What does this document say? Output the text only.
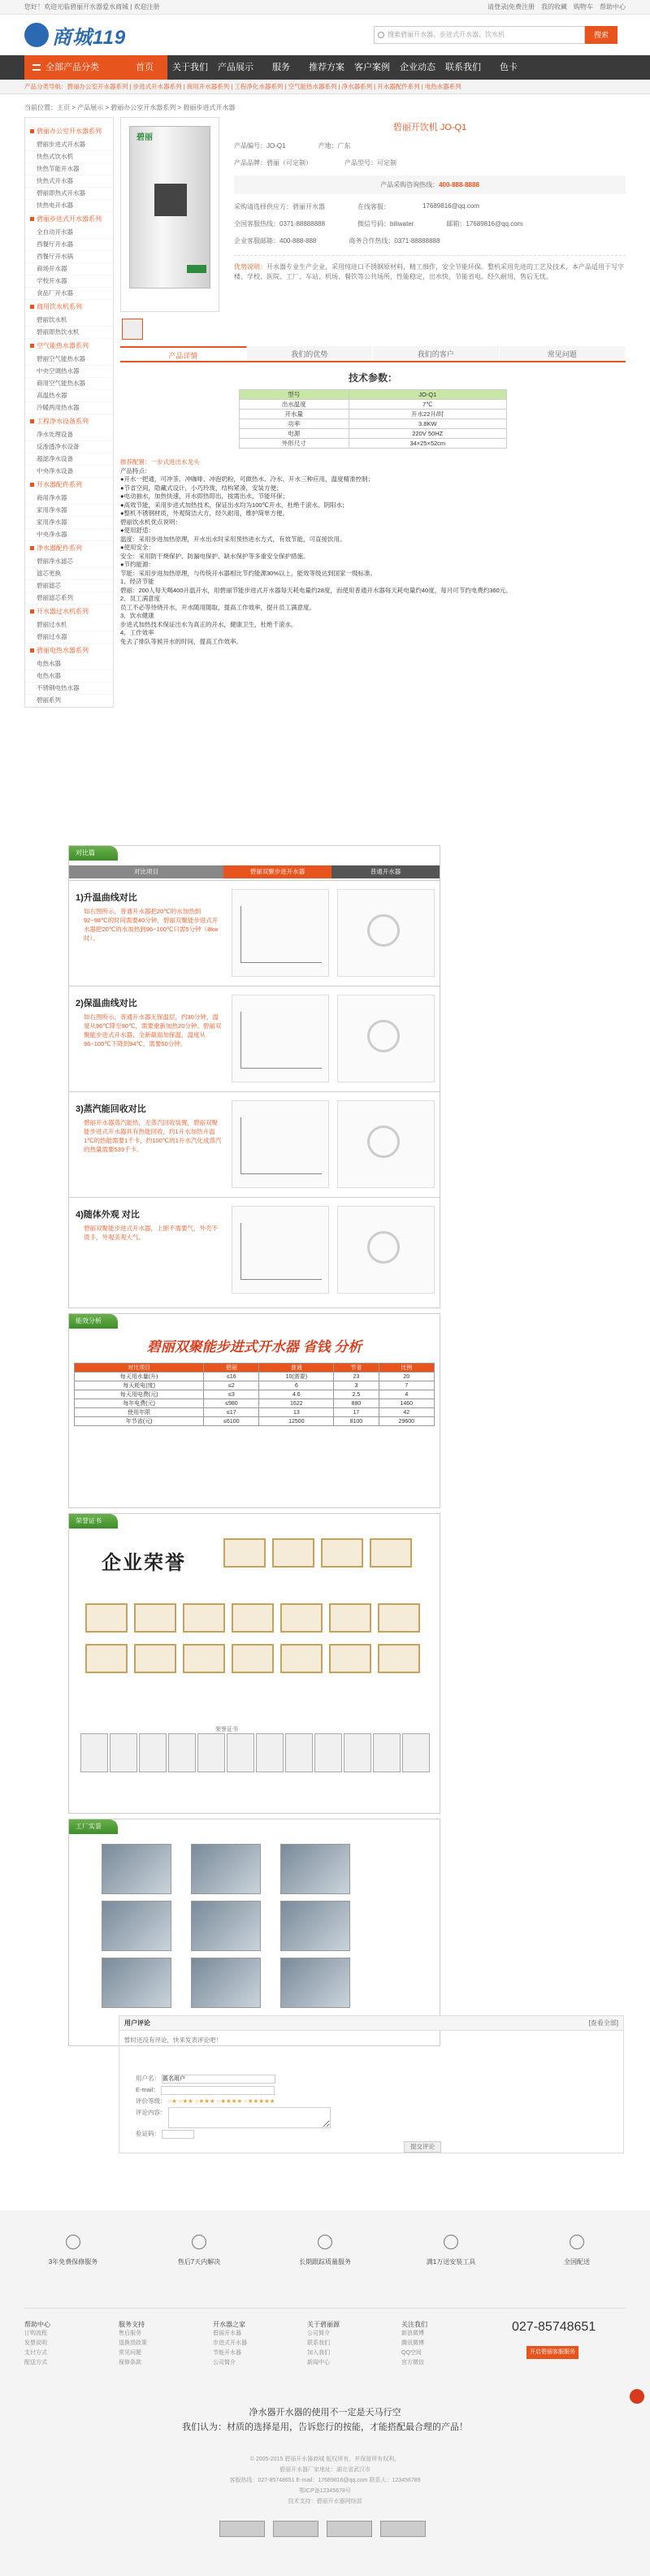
您好！欢迎光临碧丽开水器爱水商城 | 欢迎注册	请登录|免费注册 我的收藏 购物车 帮助中心
商城119	搜索碧丽开水器、步进式开水器、饮水机	搜索
全部产品分类	首页	关于我们	产品展示	服务	推荐方案	客户案例	企业动态	联系我们	色卡
产品分类导航：碧丽办公室开水器系列 | 步进式开水器系列 | 商用开水器系列 | 工程净化水器系列 | 空气能热水器系列 | 净水器系列 | 开水器配件系列 | 电热水器系列
当前位置：主页 > 产品展示 > 碧丽办公室开水器系列 > 碧丽步进式开水器
碧丽办公室开水器系列
碧丽步进式开水器
快热式饮水机
快热节能开水器
快热式开水器
碧丽即热式开水器
快热电开水器
碧丽步进式开水器系列
全自动开水器
西餐厅开水器
西餐厅开水锅
商场开水器
学校开水器
食品厂开水器
商用饮水机系列
碧丽饮水机
碧丽即热饮水机
空气能热水器系列
碧丽空气能热水器
中央空调热水器
商用空气能热水器
高温热水器
冷暖两用热水器
工程净水设备系列
净水处理设备
反渗透净水设备
超滤净水设备
中央净水设备
开水器配件系列
商用净水器
家用净水器
家用净水器
中央净水器
净水器配件系列
碧丽净水滤芯
滤芯更换
碧丽滤芯
碧丽滤芯系列
开水器过水机系列
碧丽过水机
碧丽过水器
碧丽电热水器系列
电热水器
电热水器
不锈钢电热水器
碧丽系列
碧丽
碧丽开饮机 JO-Q1
产品编号：JO-Q1	产地：广东
产品品牌：碧丽（可定制）	产品型号：可定制
产品采购咨询热线：400-888-8888
采购请选择供应方：碧丽开水器	在线客服：	17689816@qq.com
全国客服热线：0371-88888888	微信号码：biliwater	邮箱：17689816@qq.com
企业客服邮箱：400-888-888	商务合作热线：0371-88888888
优势说明：开水器专业生产企业，采用纯进口不锈钢原材料，精工细作，安全节能环保。整机采用先进的工艺及技术，本产品适用于写字楼、学校、医院、工厂、车站、机场、餐饮等公共场所，性能稳定，出水快，节能省电。经久耐用，售后无忧。
产品详情	我们的优势	我们的客户	常见问题
技术参数：
型号	JO-Q1
出水温度	7℃
开水量	开水22升/时
功率	3.8KW
电源	220V 50HZ
外形尺寸	34×25×52cm
推荐配置：一步式进出水龙头
产品特点：
●开水一把通，可冲茶、冲咖啡、冲泡奶粉，可做热水、冷水、开水三种应用，温度精准控制；
●节省空间，隐藏式设计，小巧玲珑，结构紧凑，安装方便；
●电动抽水，加热快速，开水即热即出，按需出水，节能环保；
●高效节能，采用步进式加热技术，保证出水均为100℃开水，杜绝千滚水、阴阳水；
●整机不锈钢材质，外观简洁大方，经久耐用，维护简单方便。
碧丽饮水机优点说明：
●使用舒适：
温度：采用步进加热原理，开水出水时采用预热进水方式，有效节能，可直接饮用。
●使用安全：
安全：采用防干烧保护、防漏电保护、缺水保护等多重安全保护措施。
●节约能源：
节能：采用步进加热原理，与传统开水器相比节约能源30%以上，能效等级达到国家一级标准。
1、经济节能
碧丽：200人每天喝400升温开水，用碧丽节能步进式开水器每天耗电量约28度，而使用普通开水器每天耗电量约40度，每月可节约电费约360元。
2、员工满意度
员工不必等待烧开水，开水随用随取，提高工作效率，提升员工满意度。
3、饮水健康
步进式加热技术保证出水为真正的开水，健康卫生，杜绝千滚水。
4、工作效率
免去了排队等候开水的时间，提高工作效率。
对比篇
对比项目	碧丽双聚步进开水器	普通开水器
1)升温曲线对比
如右图所示，普通开水器把20℃的水加热到92~98℃的时间需要40分钟，碧丽双聚能步进式开水器把20℃的水加热到96~100℃只需5分钟（8kw时）。
2)保温曲线对比
如右图所示，普通开水器无保温层，约30分钟，温度从96℃降至90℃，需要重新加热20分钟。碧丽双聚能步进式开水器，全新截面加保温，温度从96~100℃下降到94℃，需要50分钟。
3)蒸汽能回收对比
碧丽开水器蒸汽能热，无蒸汽回收装置，碧丽双聚能步进式开水器具有热能回收，约1升水加热升温1℃的热能需要1千卡，约100℃的1升水汽化成蒸汽的热量需要539千卡。
4)随体外观 对比
碧丽双聚能步进式开水器，上胆不需要气，外壳不烫手，外观美观大气。
能效分析
碧丽双聚能步进式开水器 省钱 分析
对比项目	碧丽	普通	节省	比例
每天用水量(升)	≤16	10(需要)	23	20
每天耗电(度)	≤2	6	3	7
每天用电费(元)	≤3	4.6	2.5	4
每年电费(元)	≤980	1622	880	1460
使用年限	≤17	13	17	42
年节省(元)	≤6100	12500	8100	29600
荣誉证书
企业荣誉
荣誉证书
工厂实景
[查看全部]
用户评论
暂时还没有评论，快来发表评论吧！
用户名： 匿名用户
E-mail：
评价等级： ○★ ○★★ ○★★★ ○★★★★ ○★★★★★
评论内容：
验证码：
提交评论
3年免费保修服务	售后7天内解决	长期跟踪质量服务	满1万送安装工具	全国配送
帮助中心
订购流程
发票说明
支付方式
配送方式
服务支持
售后服务
退换货政策
常见问题
保修条款
开水器之家
碧丽开水器
步进式开水器
节能开水器
公司简介
关于碧丽源
公司简介
联系我们
加入我们
新闻中心
关注我们
新浪微博
腾讯微博
QQ空间
官方微信
027-85748651
开启碧丽客服服务
净水器开水器的使用不一定是天马行空
我们认为：材质的选择是用，告诉您行的按能，才能搭配最合理的产品！
© 2005-2015 碧丽开水器商城 版权所有，并保留所有权利。
碧丽开水器厂家地址：湖北省武汉市
客服热线：027-85748651 E-mail：17689816@qq.com 联系人：123456789
鄂ICP备12345678号
技术支持：碧丽开水器网络部
